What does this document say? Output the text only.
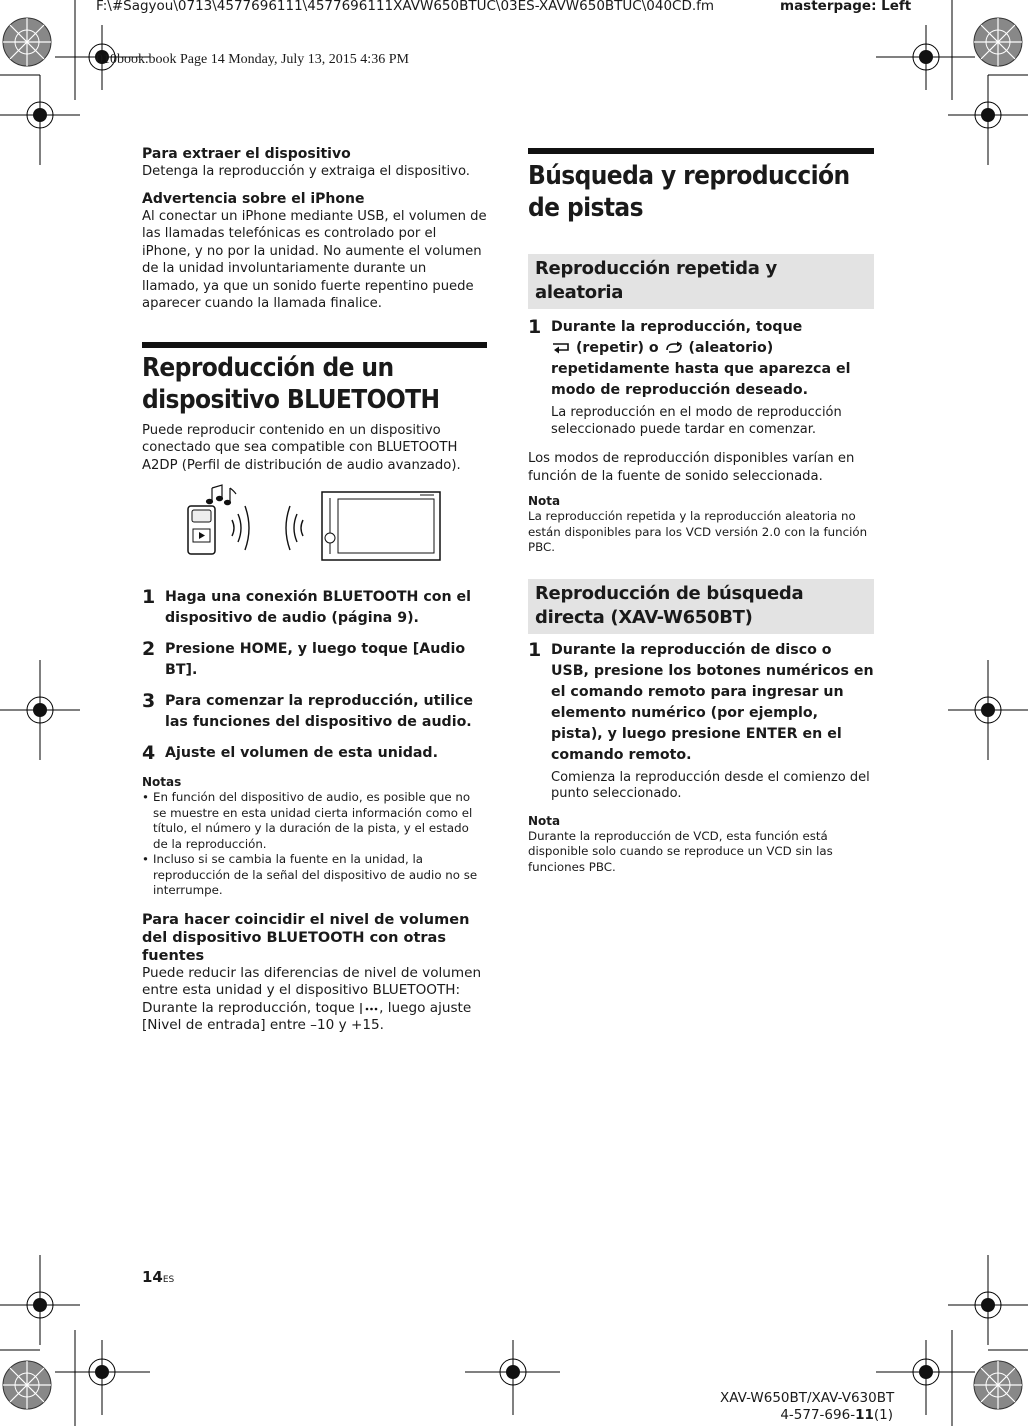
F:\#Sagyou\0713\4577696111\4577696111XAVW650BTUC\03ES-XAVW650BTUC\040CD.fm	masterpage: Left
010book.book Page 14 Monday, July 13, 2015 4:36 PM

Para extraer el dispositivo

Detenga la reproducción y extraiga el dispositivo.

Advertencia sobre el iPhone

Al conectar un iPhone mediante USB, el volumen de las llamadas telefónicas es controlado por el iPhone, y no por la unidad. No aumente el volumen de la unidad involuntariamente durante un llamado, ya que un sonido fuerte repentino puede aparecer cuando la llamada finalice.

Reproducción de un dispositivo BLUETOOTH

Puede reproducir contenido en un dispositivo conectado que sea compatible con BLUETOOTH A2DP (Perfil de distribución de audio avanzado).

1 Haga una conexión BLUETOOTH con el dispositivo de audio (página 9).
2 Presione HOME, y luego toque [Audio BT].
3 Para comenzar la reproducción, utilice las funciones del dispositivo de audio.
4 Ajuste el volumen de esta unidad.

Notas

• En función del dispositivo de audio, es posible que no se muestre en esta unidad cierta información como el título, el número y la duración de la pista, y el estado de la reproducción.
• Incluso si se cambia la fuente en la unidad, la reproducción de la señal del dispositivo de audio no se interrumpe.

Para hacer coincidir el nivel de volumen del dispositivo BLUETOOTH con otras fuentes

Puede reducir las diferencias de nivel de volumen entre esta unidad y el dispositivo BLUETOOTH: Durante la reproducción, toque , luego ajuste [Nivel de entrada] entre –10 y +15.

Búsqueda y reproducción de pistas
Reproducción repetida y aleatoria
1 Durante la reproducción, toque
(repetir) o  (aleatorio) repetidamente hasta que aparezca el modo de reproducción deseado.
La reproducción en el modo de reproducción seleccionado puede tardar en comenzar.

Los modos de reproducción disponibles varían en función de la fuente de sonido seleccionada.

Nota

La reproducción repetida y la reproducción aleatoria no están disponibles para los VCD versión 2.0 con la función PBC.

Reproducción de búsqueda directa (XAV-W650BT)
1 Durante la reproducción de disco o USB, presione los botones numéricos en el comando remoto para ingresar un elemento numérico (por ejemplo, pista), y luego presione ENTER en el comando remoto.
Comienza la reproducción desde el comienzo del punto seleccionado.

Nota

Durante la reproducción de VCD, esta función está disponible solo cuando se reproduce un VCD sin las funciones PBC.

14ES
XAV-W650BT/XAV-V630BT
4-577-696-11(1)
